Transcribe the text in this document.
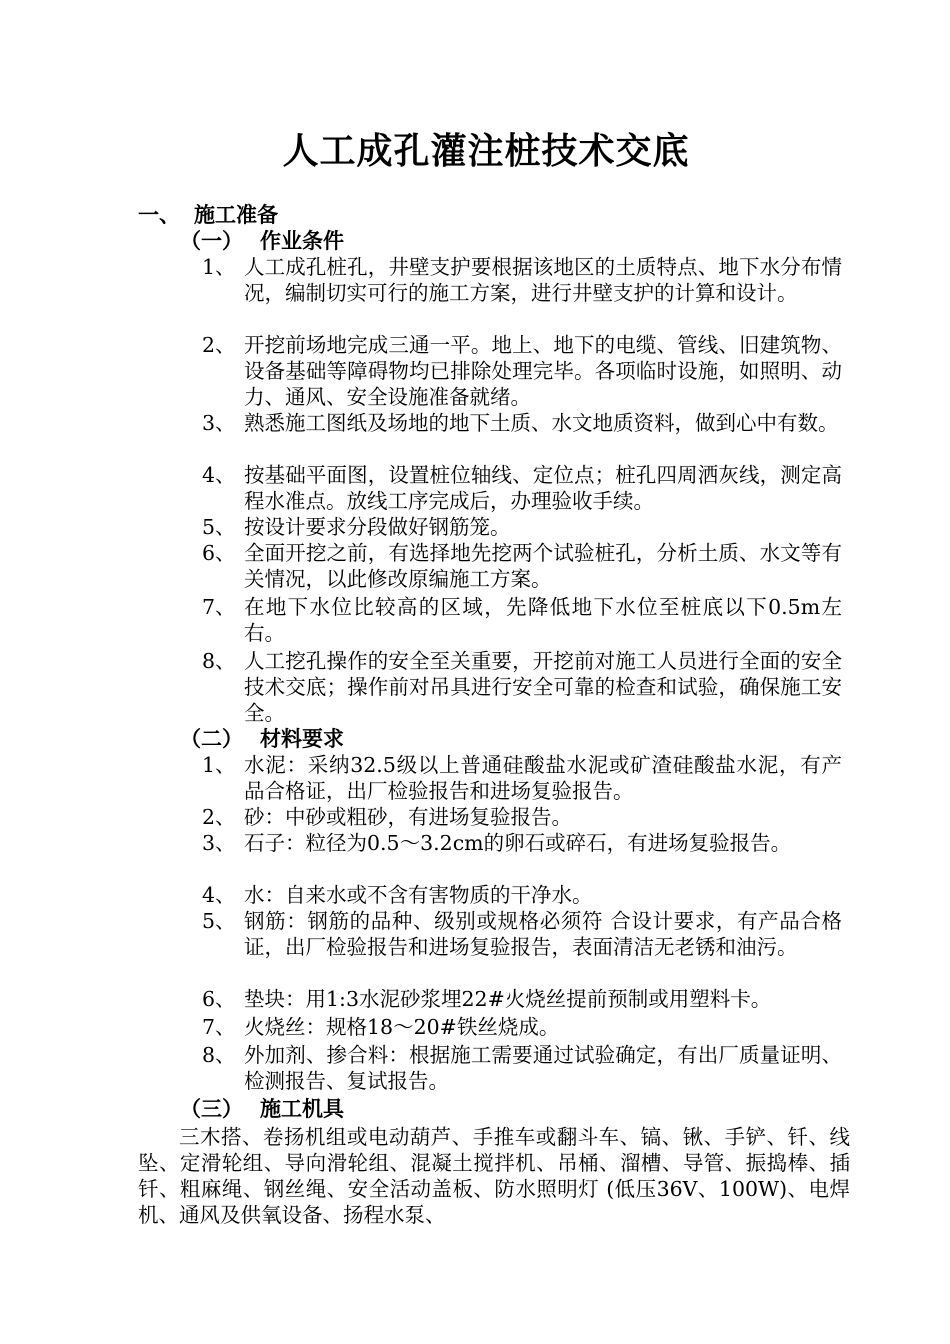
人工成孔灌注桩技术交底
一、 施工准备
（一） 作业条件
1、 人工成孔桩孔，井壁支护要根据该地区的土质特点、地下水分布情况，编制切实可行的施工方案，进行井壁支护的计算和设计。
2、 开挖前场地完成三通一平。地上、地下的电缆、管线、旧建筑物、设备基础等障碍物均已排除处理完毕。各项临时设施，如照明、动力、通风、安全设施准备就绪。
3、 熟悉施工图纸及场地的地下土质、水文地质资料，做到心中有数。
4、 按基础平面图，设置桩位轴线、定位点；桩孔四周洒灰线，测定高程水准点。放线工序完成后，办理验收手续。
5、 按设计要求分段做好钢筋笼。
6、 全面开挖之前，有选择地先挖两个试验桩孔，分析土质、水文等有关情况，以此修改原编施工方案。
7、 在地下水位比较高的区域，先降低地下水位至桩底以下0.5m左右。
8、 人工挖孔操作的安全至关重要，开挖前对施工人员进行全面的安全技术交底；操作前对吊具进行安全可靠的检查和试验，确保施工安全。
（二） 材料要求
1、 水泥：采纳32.5级以上普通硅酸盐水泥或矿渣硅酸盐水泥，有产品合格证，出厂检验报告和进场复验报告。
2、 砂：中砂或粗砂，有进场复验报告。
3、 石子：粒径为0.5～3.2cm的卵石或碎石，有进场复验报告。
4、 水：自来水或不含有害物质的干净水。
5、 钢筋：钢筋的品种、级别或规格必须符 合设计要求，有产品合格证，出厂检验报告和进场复验报告，表面清洁无老锈和油污。
6、 垫块：用1:3水泥砂浆埋22#火烧丝提前预制或用塑料卡。
7、 火烧丝：规格18～20#铁丝烧成。
8、 外加剂、掺合料：根据施工需要通过试验确定，有出厂质量证明、检测报告、复试报告。
（三） 施工机具
三木搭、卷扬机组或电动葫芦、手推车或翻斗车、镐、锹、手铲、钎、线坠、定滑轮组、导向滑轮组、混凝土搅拌机、吊桶、溜槽、导管、振捣棒、插钎、粗麻绳、钢丝绳、安全活动盖板、防水照明灯 (低压36V、100W)、电焊机、通风及供氧设备、扬程水泵、
